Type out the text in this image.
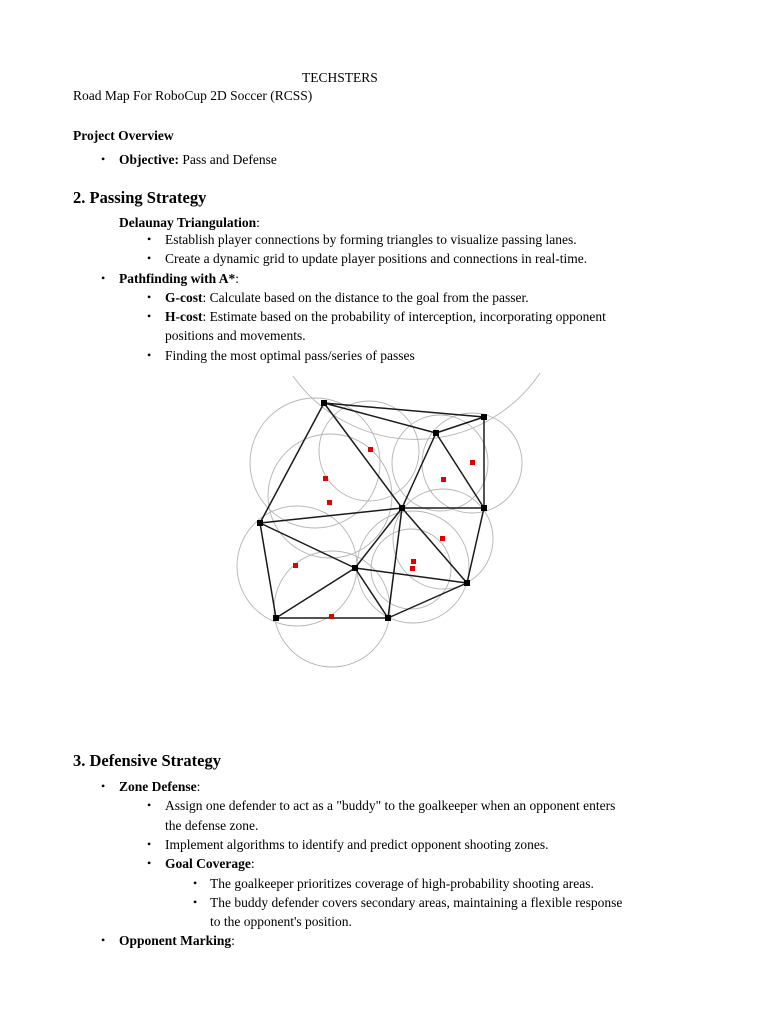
TECHSTERS
Road Map For RoboCup 2D Soccer (RCSS)
Project Overview
• Objective: Pass and Defense
2. Passing Strategy
Delaunay Triangulation:
• Establish player connections by forming triangles to visualize passing lanes.
• Create a dynamic grid to update player positions and connections in real-time.
• Pathfinding with A*:
• G-cost: Calculate based on the distance to the goal from the passer.
• H-cost: Estimate based on the probability of interception, incorporating opponent
positions and movements.
• Finding the most optimal pass/series of passes
3. Defensive Strategy
• Zone Defense:
• Assign one defender to act as a "buddy" to the goalkeeper when an opponent enters
the defense zone.
• Implement algorithms to identify and predict opponent shooting zones.
• Goal Coverage:
• The goalkeeper prioritizes coverage of high-probability shooting areas.
• The buddy defender covers secondary areas, maintaining a flexible response
to the opponent's position.
• Opponent Marking:
